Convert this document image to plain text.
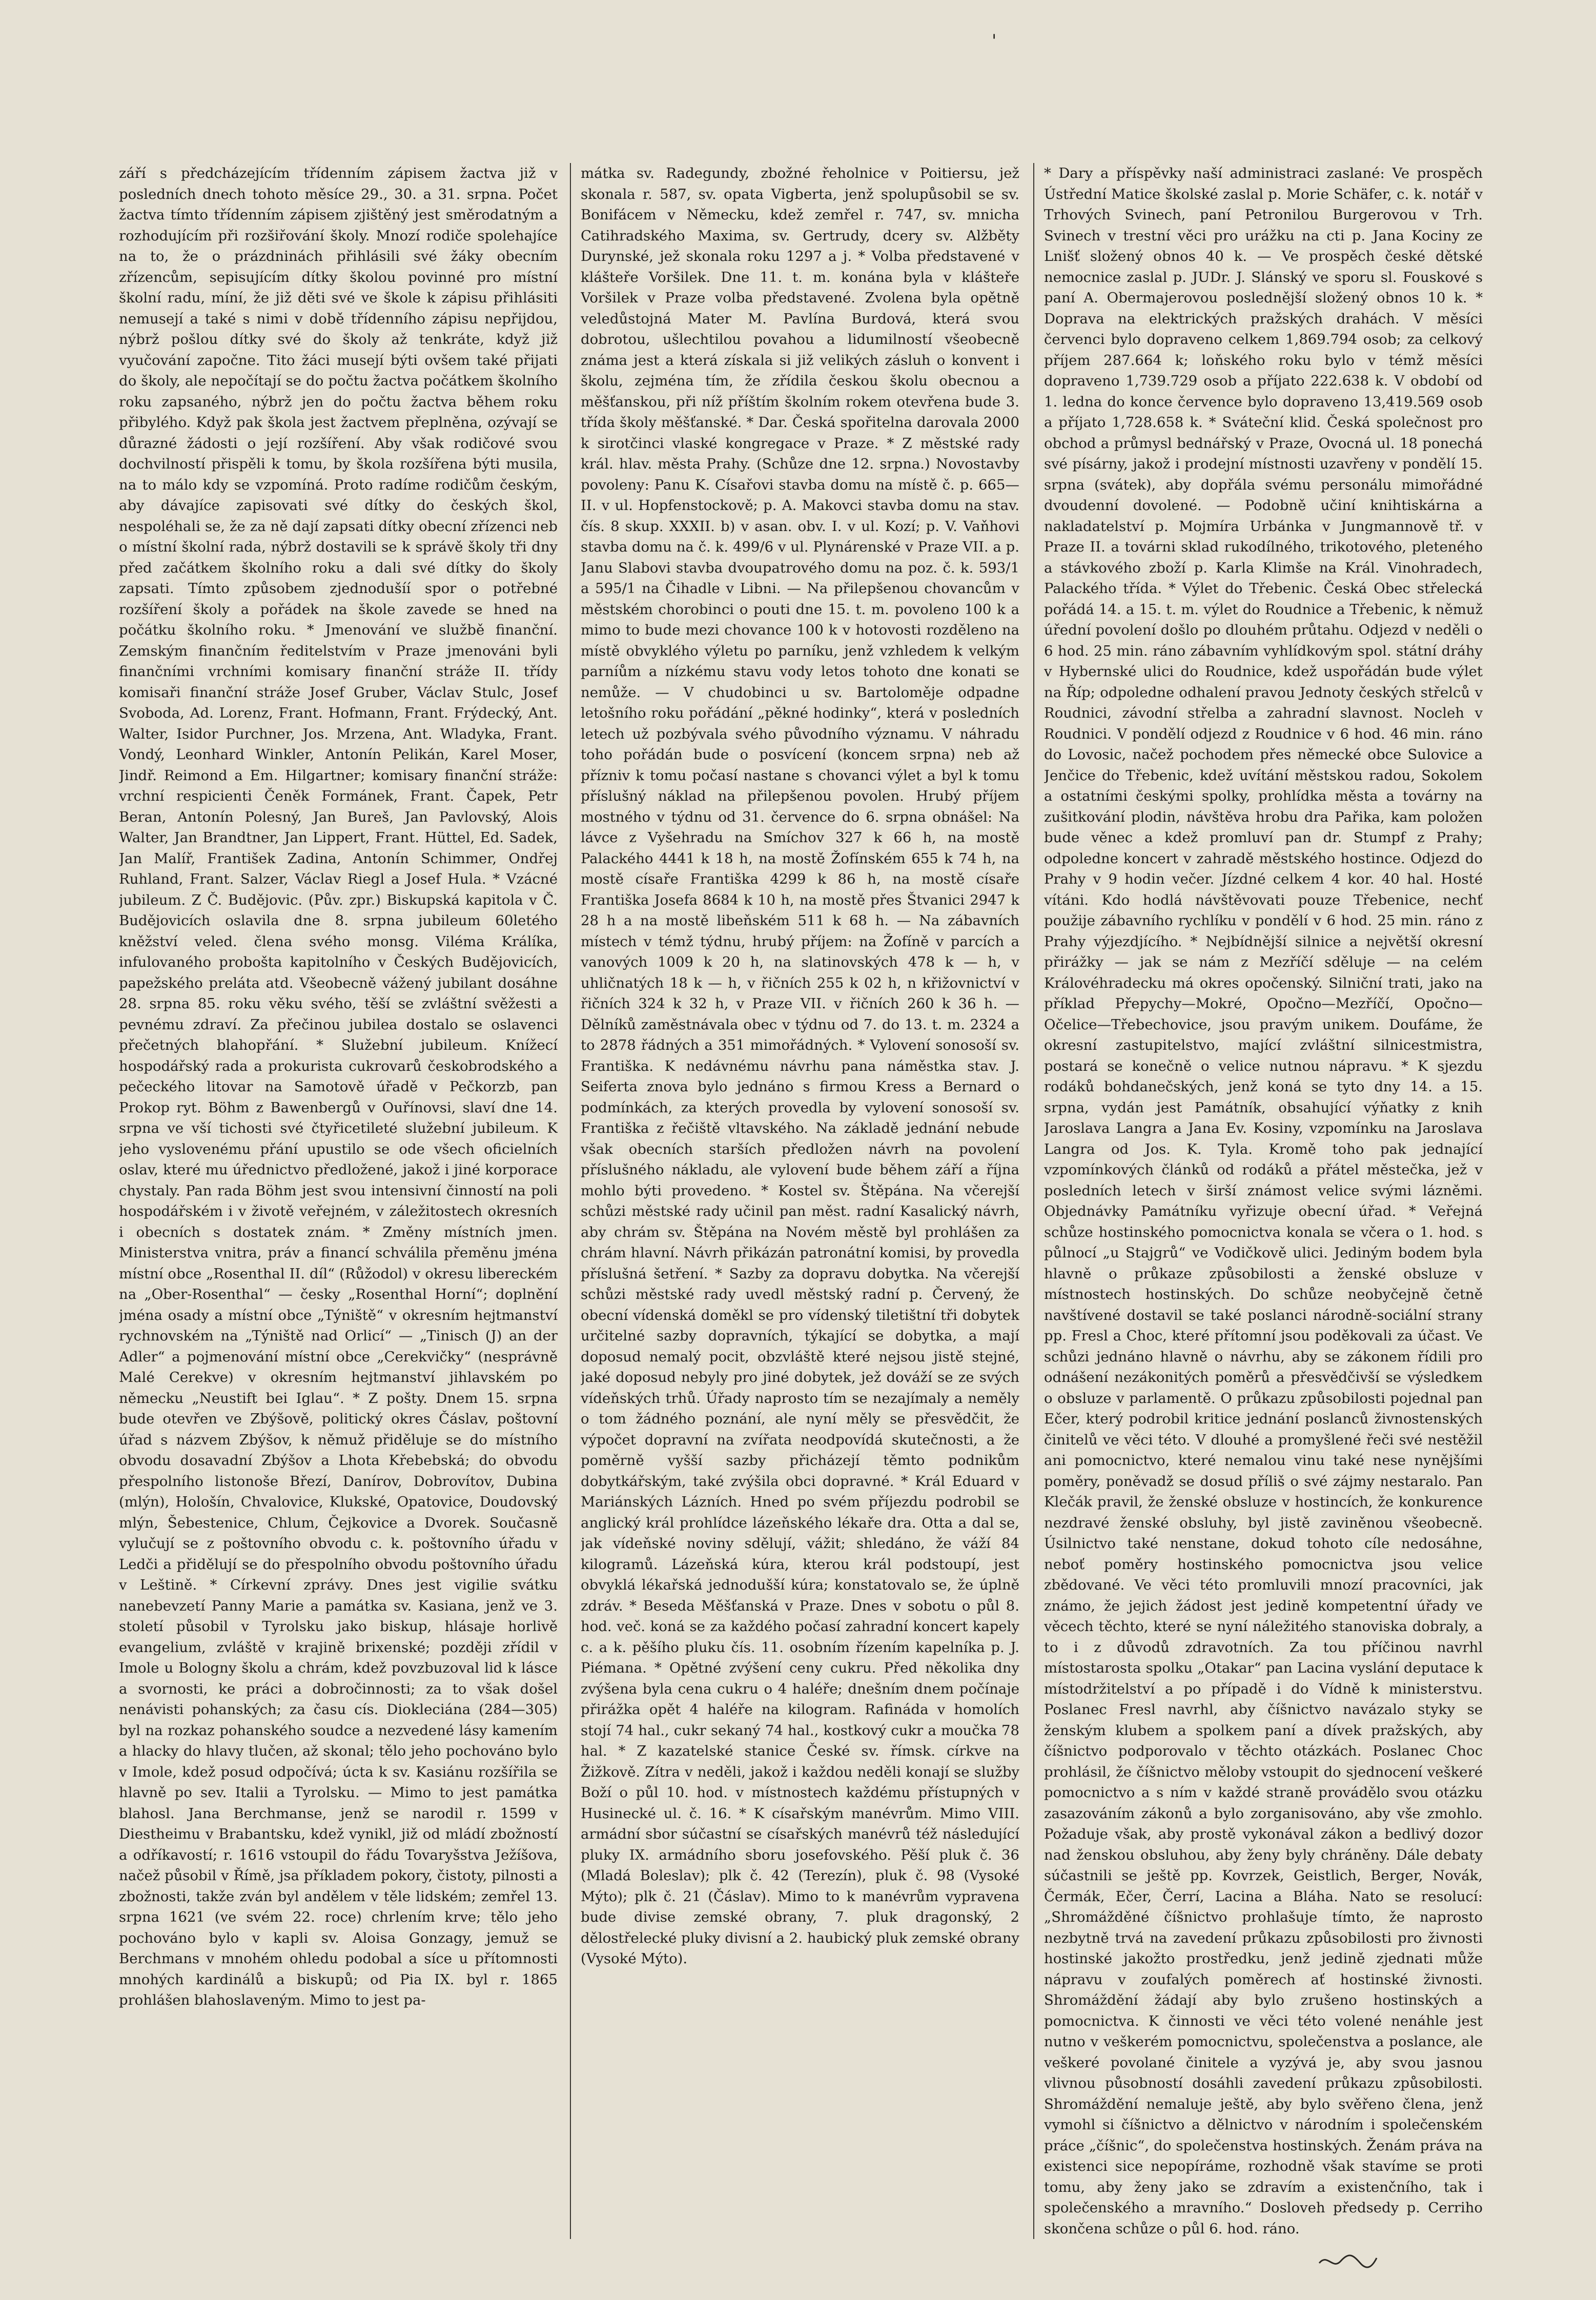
'

září s předcházejícím třídenním zápisem žactva již v posledních dnech tohoto měsíce 29., 30. a 31. srpna. Počet žactva tímto třídenním zápisem zjištěný jest směrodatným a rozhodujícím při rozšiřování školy. Mnozí rodiče spolehajíce na to, že o prázdninách přihlásili své žáky obecním zřízencům, sepisujícím dítky školou povinné pro místní školní radu, míní, že již děti své ve škole k zápisu přihlásiti nemusejí a také s nimi v době třídenního zápisu nepřijdou, nýbrž pošlou dítky své do školy až tenkráte, když již vyučování započne. Tito žáci musejí býti ovšem také přijati do školy, ale nepočítají se do počtu žactva počátkem školního roku zapsaného, nýbrž jen do počtu žactva během roku přibylého. Když pak škola jest žactvem přeplněna, ozývají se důrazné žádosti o její rozšíření. Aby však rodičové svou dochvilností přispěli k tomu, by škola rozšířena býti musila, na to málo kdy se vzpomíná. Proto radíme rodičům českým, aby dávajíce zapisovati své dítky do českých škol, nespoléhali se, že za ně dají zapsati dítky obecní zřízenci neb o místní školní rada, nýbrž dostavili se k správě školy tři dny před začátkem školního roku a dali své dítky do školy zapsati. Tímto způsobem zjednodušíí spor o potřebné rozšíření školy a pořádek na škole zavede se hned na počátku školního roku. * Jmenování ve službě finanční. Zemským finančním ředitelstvím v Praze jmenováni byli finančními vrchními komisary finanční stráže II. třídy komisaři finanční stráže Josef Gruber, Václav Stulc, Josef Svoboda, Ad. Lorenz, Frant. Hofmann, Frant. Frýdecký, Ant. Walter, Isidor Purchner, Jos. Mrzena, Ant. Wladyka, Frant. Vondý, Leonhard Winkler, Antonín Pelikán, Karel Moser, Jindř. Reimond a Em. Hilgartner; komisary finanční stráže: vrchní respicienti Čeněk Formánek, Frant. Čapek, Petr Beran, Antonín Polesný, Jan Bureš, Jan Pavlovský, Alois Walter, Jan Brandtner, Jan Lippert, Frant. Hüttel, Ed. Sadek, Jan Malíř, František Zadina, Antonín Schimmer, Ondřej Ruhland, Frant. Salzer, Václav Riegl a Josef Hula. * Vzácné jubileum. Z Č. Budějovic. (Pův. zpr.) Biskupská kapitola v Č. Budějovicích oslavila dne 8. srpna jubileum 60letého kněžství veled. člena svého monsg. Viléma Králíka, infulovaného probošta kapitolního v Českých Budějovicích, papežského preláta atd. Všeobecně vážený jubilant dosáhne 28. srpna 85. roku věku svého, těší se zvláštní svěžesti a pevnému zdraví. Za přečinou jubilea dostalo se oslavenci přečetných blahopřání. * Služební jubileum. Knížecí hospodářský rada a prokurista cukrovarů českobrodského a pečeckého litovar na Samotově úřadě v Pečkorzb, pan Prokop ryt. Böhm z Bawenbergů v Ouřínovsi, slaví dne 14. srpna ve vší tichosti své čtyřicetileté služební jubileum. K jeho vyslovenému přání upustilo se ode všech oficielních oslav, které mu úřednictvo předložené, jakož i jiné korporace chystaly. Pan rada Böhm jest svou intensivní činností na poli hospodářském i v životě veřejném, v záležitostech okresních i obecních s dostatek znám. * Změny místních jmen. Ministerstva vnitra, práv a financí schválila přeměnu jména místní obce „Rosenthal II. díl“ (Růžodol) v okresu libereckém na „Ober-Rosenthal“ — česky „Rosenthal Horní“; doplnění jména osady a místní obce „Týniště“ v okresním hejtmanství rychnovském na „Týniště nad Orlicí“ — „Tinisch (J) an der Adler“ a pojmenování místní obce „Cerekvičky“ (nesprávně Malé Cerekve) v okresním hejtmanství jihlavském po německu „Neustift bei Iglau“. * Z pošty. Dnem 15. srpna bude otevřen ve Zbýšově, politický okres Čáslav, poštovní úřad s názvem Zbýšov, k němuž přiděluje se do místního obvodu dosavadní Zbýšov a Lhota Křebebská; do obvodu přespolního listonoše Březí, Danírov, Dobrovítov, Dubina (mlýn), Hološín, Chvalovice, Klukské, Opatovice, Doudovský mlýn, Šebestenice, Chlum, Čejkovice a Dvorek. Současně vylučují se z poštovního obvodu c. k. poštovního úřadu v Ledči a přidělují se do přespolního obvodu poštovního úřadu v Leštině. * Církevní zprávy. Dnes jest vigilie svátku nanebevzetí Panny Marie a památka sv. Kasiana, jenž ve 3. století působil v Tyrolsku jako biskup, hlásaje horlivě evangelium, zvláště v krajině brixenské; později zřídil v Imole u Bologny školu a chrám, kdež povzbuzoval lid k lásce a svornosti, ke práci a dobročinnosti; za to však došel nenávisti pohanských; za času cís. Diokleciána (284—305) byl na rozkaz pohanského soudce a nezvedené lásy kamením a hlacky do hlavy tlučen, až skonal; tělo jeho pochováno bylo v Imole, kdež posud odpočívá; úcta k sv. Kasiánu rozšířila se hlavně po sev. Italii a Tyrolsku. — Mimo to jest památka blahosl. Jana Berchmanse, jenž se narodil r. 1599 v Diestheimu v Brabantsku, kdež vynikl, již od mládí zbožností a odříkavostí; r. 1616 vstoupil do řádu Tovaryšstva Ježíšova, načež působil v Římě, jsa příkladem pokory, čistoty, pilnosti a zbožnosti, takže zván byl andělem v těle lidském; zemřel 13. srpna 1621 (ve svém 22. roce) chrlením krve; tělo jeho pochováno bylo v kapli sv. Aloisa Gonzagy, jemuž se Berchmans v mnohém ohledu podobal a síce u přítomnosti mnohých kardinálů a biskupů; od Pia IX. byl r. 1865 prohlášen blahoslaveným. Mimo to jest pa-

mátka sv. Radegundy, zbožné řeholnice v Poitiersu, jež skonala r. 587, sv. opata Vigberta, jenž spolupůsobil se sv. Bonifácem v Německu, kdež zemřel r. 747, sv. mnicha Catihradského Maxima, sv. Gertrudy, dcery sv. Alžběty Durynské, jež skonala roku 1297 a j. * Volba představené v klášteře Voršilek. Dne 11. t. m. konána byla v klášteře Voršilek v Praze volba představené. Zvolena byla opětně veledůstojná Mater M. Pavlína Burdová, která svou dobrotou, ušlechtilou povahou a lidumilností všeobecně známa jest a která získala si již velikých zásluh o konvent i školu, zejména tím, že zřídila českou školu obecnou a měšťanskou, při níž příštím školním rokem otevřena bude 3. třída školy měšťanské. * Dar. Česká spořitelna darovala 2000 k sirotčinci vlaské kongregace v Praze. * Z městské rady král. hlav. města Prahy. (Schůze dne 12. srpna.) Novostavby povoleny: Panu K. Císařovi stavba domu na místě č. p. 665—II. v ul. Hopfenstockově; p. A. Makovci stavba domu na stav. čís. 8 skup. XXXII. b) v asan. obv. I. v ul. Kozí; p. V. Vaňhovi stavba domu na č. k. 499/6 v ul. Plynárenské v Praze VII. a p. Janu Slabovi stavba dvoupatrového domu na poz. č. k. 593/1 a 595/1 na Čihadle v Libni. — Na přilepšenou chovancům v městském chorobinci o pouti dne 15. t. m. povoleno 100 k a mimo to bude mezi chovance 100 k v hotovosti rozděleno na místě obvyklého výletu po parníku, jenž vzhledem k velkým parníům a nízkému stavu vody letos tohoto dne konati se nemůže. — V chudobinci u sv. Bartoloměje odpadne letošního roku pořádání „pěkné hodinky“, která v posledních letech už pozbývala svého původního významu. V náhradu toho pořádán bude o posvícení (koncem srpna) neb až přízniv k tomu počasí nastane s chovanci výlet a byl k tomu příslušný náklad na přilepšenou povolen. Hrubý příjem mostného v týdnu od 31. července do 6. srpna obnášel: Na lávce z Vyšehradu na Smíchov 327 k 66 h, na mostě Palackého 4441 k 18 h, na mostě Žofínském 655 k 74 h, na mostě císaře Františka 4299 k 86 h, na mostě císaře Františka Josefa 8684 k 10 h, na mostě přes Štvanici 2947 k 28 h a na mostě libeňském 511 k 68 h. — Na zábavních místech v témž týdnu, hrubý příjem: na Žofíně v parcích a vanových 1009 k 20 h, na slatinovských 478 k — h, v uhličnatých 18 k — h, v řičních 255 k 02 h, n křižovnictví v řičních 324 k 32 h, v Praze VII. v řičních 260 k 36 h. — Dělníků zaměstnávala obec v týdnu od 7. do 13. t. m. 2324 a to 2878 řádných a 351 mimořádných. * Vylovení sonosoší sv. Františka. K nedávnému návrhu pana náměstka stav. J. Seiferta znova bylo jednáno s firmou Kress a Bernard o podmínkách, za kterých provedla by vylovení sonosoší sv. Františka z řečiště vltavského. Na základě jednání nebude však obecních starších předložen návrh na povolení příslušného nákladu, ale vylovení bude během září a října mohlo býti provedeno. * Kostel sv. Štěpána. Na včerejší schůzi městské rady učinil pan měst. radní Kasalický návrh, aby chrám sv. Štěpána na Novém městě byl prohlášen za chrám hlavní. Návrh přikázán patronátní komisi, by provedla příslušná šetření. * Sazby za dopravu dobytka. Na včerejší schůzi městské rady uvedl městský radní p. Červený, že obecní vídenská doměkl se pro vídenský tiletištní tři dobytek určitelné sazby dopravních, týkající se dobytka, a mají doposud nemalý pocit, obzvláště které nejsou jistě stejné, jaké doposud nebyly pro jiné dobytek, jež dováží se ze svých vídeňských trhů. Úřady naprosto tím se nezajímaly a neměly o tom žádného poznání, ale nyní měly se přesvědčit, že výpočet dopravní na zvířata neodpovídá skutečnosti, a že poměrně vyšší sazby přicházejí těmto podnikům dobytkářským, také zvýšila obci dopravné. * Král Eduard v Mariánských Lázních. Hned po svém příjezdu podrobil se anglický král prohlídce lázeňského lékaře dra. Otta a dal se, jak vídeňské noviny sdělují, vážit; shledáno, že váží 84 kilogramů. Lázeňská kúra, kterou král podstoupí, jest obvyklá lékařská jednodušší kúra; konstatovalo se, že úplně zdráv. * Beseda Měšťanská v Praze. Dnes v sobotu o půl 8. hod. več. koná se za každého počasí zahradní koncert kapely c. a k. pěšího pluku čís. 11. osobním řízením kapelníka p. J. Piémana. * Opětné zvýšení ceny cukru. Před několika dny zvýšena byla cena cukru o 4 haléře; dnešním dnem počínaje přirážka opět 4 haléře na kilogram. Rafináda v homolích stojí 74 hal., cukr sekaný 74 hal., kostkový cukr a moučka 78 hal. * Z kazatelské stanice České sv. římsk. církve na Žižkově. Zítra v neděli, jakož i každou neděli konají se služby Boží o půl 10. hod. v místnostech každému přístupných v Husinecké ul. č. 16. * K císařským manévrům. Mimo VIII. armádní sbor súčastní se císařských manévrů též následující pluky IX. armádního sboru josefovského. Pěší pluk č. 36 (Mladá Boleslav); plk č. 42 (Terezín), pluk č. 98 (Vysoké Mýto); plk č. 21 (Čáslav). Mimo to k manévrům vypravena bude divise zemské obrany, 7. pluk dragonský, 2 dělostřelecké pluky divisní a 2. haubický pluk zemské obrany (Vysoké Mýto).

* Dary a příspěvky naší administraci zaslané: Ve prospěch Ústřední Matice školské zaslal p. Morie Schäfer, c. k. notář v Trhových Svinech, paní Petronilou Burgerovou v Trh. Svinech v trestní věci pro urážku na cti p. Jana Kociny ze Lnišť složený obnos 40 k. — Ve prospěch české dětské nemocnice zaslal p. JUDr. J. Slánský ve sporu sl. Fouskové s paní A. Obermajerovou poslednější složený obnos 10 k. * Doprava na elektrických pražských drahách. V měsíci červenci bylo dopraveno celkem 1,869.794 osob; za celkový příjem 287.664 k; loňského roku bylo v témž měsíci dopraveno 1,739.729 osob a příjato 222.638 k. V období od 1. ledna do konce července bylo dopraveno 13,419.569 osob a příjato 1,728.658 k. * Sváteční klid. Česká společnost pro obchod a průmysl bednářský v Praze, Ovocná ul. 18 ponechá své písárny, jakož i prodejní místnosti uzavřeny v pondělí 15. srpna (svátek), aby dopřála svému personálu mimořádné dvoudenní dovolené. — Podobně učiní knihtiskárna a nakladatelství p. Mojmíra Urbánka v Jungmannově tř. v Praze II. a továrni sklad rukodílného, trikotového, pleteného a stávkového zboží p. Karla Klimše na Král. Vinohradech, Palackého třída. * Výlet do Třebenic. Česká Obec střelecká pořádá 14. a 15. t. m. výlet do Roudnice a Třebenic, k němuž úřední povolení došlo po dlouhém průtahu. Odjezd v neděli o 6 hod. 25 min. ráno zábavním vyhlídkovým spol. státní dráhy v Hybernské ulici do Roudnice, kdež uspořádán bude výlet na Říp; odpoledne odhalení pravou Jednoty českých střelců v Roudnici, závodní střelba a zahradní slavnost. Nocleh v Roudnici. V pondělí odjezd z Roudnice v 6 hod. 46 min. ráno do Lovosic, načež pochodem přes německé obce Sulovice a Jenčice do Třebenic, kdež uvítání městskou radou, Sokolem a ostatními českými spolky, prohlídka města a továrny na zušitkování plodin, návštěva hrobu dra Pařika, kam položen bude věnec a kdež promluví pan dr. Stumpf z Prahy; odpoledne koncert v zahradě městského hostince. Odjezd do Prahy v 9 hodin večer. Jízdné celkem 4 kor. 40 hal. Hosté vítáni. Kdo hodlá návštěvovati pouze Třebenice, nechť použije zábavního rychlíku v pondělí v 6 hod. 25 min. ráno z Prahy výjezdjícího. * Nejbídnější silnice a největší okresní přirážky — jak se nám z Mezříčí sděluje — na celém Královéhradecku má okres opočenský. Silniční trati, jako na příklad Přepychy—Mokré, Opočno—Mezříčí, Opočno—Očelice—Třebechovice, jsou pravým unikem. Doufáme, že okresní zastupitelstvo, mající zvláštní silnicestmistra, postará se konečně o velice nutnou nápravu. * K sjezdu rodáků bohdanečských, jenž koná se tyto dny 14. a 15. srpna, vydán jest Památník, obsahující výňatky z knih Jaroslava Langra a Jana Ev. Kosiny, vzpomínku na Jaroslava Langra od Jos. K. Tyla. Kromě toho pak jednající vzpomínkových článků od rodáků a přátel městečka, jež v posledních letech v širší známost velice svými lázněmi. Objednávky Památníku vyřizuje obecní úřad. * Veřejná schůze hostinského pomocnictva konala se včera o 1. hod. s půlnocí „u Stajgrů“ ve Vodičkově ulici. Jediným bodem byla hlavně o průkaze způsobilosti a ženské obsluze v místnostech hostinských. Do schůze neobyčejně četně navštívené dostavil se také poslanci národně-sociální strany pp. Fresl a Choc, které přítomní jsou poděkovali za účast. Ve schůzi jednáno hlavně o návrhu, aby se zákonem řídili pro odnášení nezákonitých poměrů a přesvědčivší se výsledkem o obsluze v parlamentě. O průkazu způsobilosti pojednal pan Ečer, který podrobil kritice jednání poslanců živnostenských činitelů ve věci této. V dlouhé a promyšlené řeči své nestěžil ani pomocnictvo, které nemalou vinu také nese nynějšími poměry, poněvadž se dosud příliš o své zájmy nestaralo. Pan Klečák pravil, že ženské obsluze v hostincích, že konkurence nezdravé ženské obsluhy, byl jistě zaviněnou všeobecně. Úsilnictvo také nenstane, dokud tohoto cíle nedosáhne, neboť poměry hostinského pomocnictva jsou velice zbědované. Ve věci této promluvili mnozí pracovníci, jak známo, že jejich žádost jest jedině kompetentní úřady ve věcech těchto, které se nyní náležitého stanoviska dobraly, a to i z důvodů zdravotních. Za tou příčinou navrhl místostarosta spolku „Otakar“ pan Lacina vyslání deputace k místodržitelství a po případě i do Vídně k ministerstvu. Poslanec Fresl navrhl, aby číšnictvo navázalo styky se ženským klubem a spolkem paní a dívek pražských, aby číšnictvo podporovalo v těchto otázkách. Poslanec Choc prohlásil, že číšnictvo měloby vstoupit do sjednocení veškeré pomocnictvo a s ním v každé straně provádělo svou otázku zasazováním zákonů a bylo zorganisováno, aby vše zmohlo. Požaduje však, aby prostě vykonával zákon a bedlivý dozor nad ženskou obsluhou, aby ženy byly chráněny. Dále debaty súčastnili se ještě pp. Kovrzek, Geistlich, Berger, Novák, Čermák, Ečer, Čerrí, Lacina a Bláha. Nato se resolucí: „Shromážděné číšnictvo prohlašuje tímto, že naprosto nezbytně trvá na zavedení průkazu způsobilosti pro živnosti hostinské jakožto prostředku, jenž jedině zjednati může nápravu v zoufalých poměrech ať hostinské živnosti. Shromáždění žádají aby bylo zrušeno hostinských a pomocnictva. K činnosti ve věci této volené nenáhle jest nutno v veškerém pomocnictvu, společenstva a poslance, ale veškeré povolané činitele a vyzývá je, aby svou jasnou vlivnou působností dosáhli zavedení průkazu způsobilosti. Shromáždění nemaluje ještě, aby bylo svěřeno člena, jenž vymohl si číšnictvo a dělnictvo v národním i společenském práce „číšnic“, do společenstva hostinských. Ženám práva na existenci sice nepopíráme, rozhodně však stavíme se proti tomu, aby ženy jako se zdravím a existenčního, tak i společenského a mravního.“ Dosloveh předsedy p. Cerriho skončena schůze o půl 6. hod. ráno.
